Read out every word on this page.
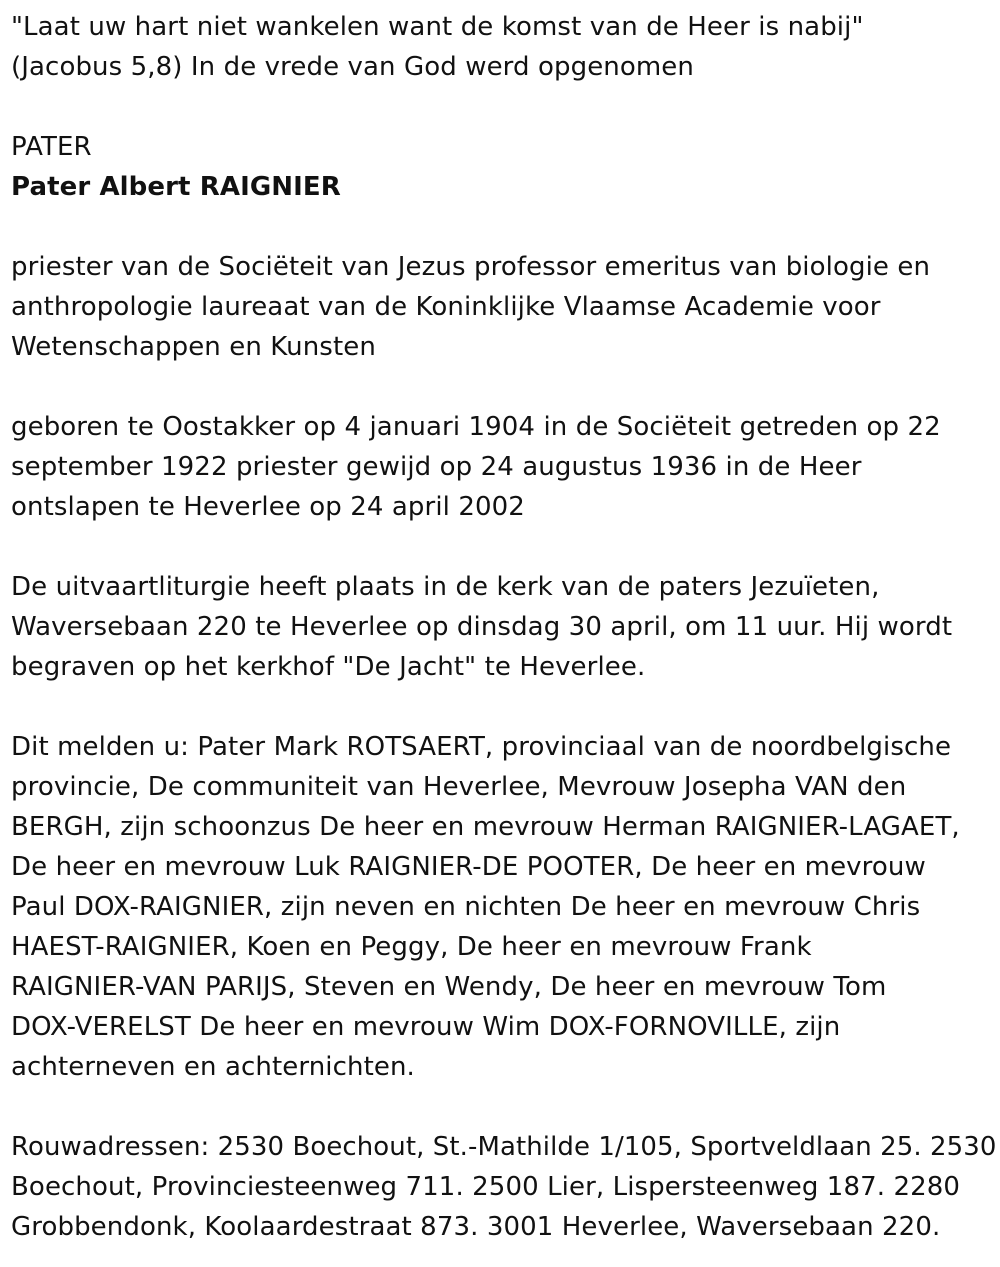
"Laat uw hart niet wankelen want de komst van de Heer is nabij"
(Jacobus 5,8) In de vrede van God werd opgenomen
PATER
Pater Albert RAIGNIER
priester van de Sociëteit van Jezus professor emeritus van biologie en
anthropologie laureaat van de Koninklijke Vlaamse Academie voor
Wetenschappen en Kunsten
geboren te Oostakker op 4 januari 1904 in de Sociëteit getreden op 22
september 1922 priester gewijd op 24 augustus 1936 in de Heer
ontslapen te Heverlee op 24 april 2002
De uitvaartliturgie heeft plaats in de kerk van de paters Jezuïeten,
Waversebaan 220 te Heverlee op dinsdag 30 april, om 11 uur. Hij wordt
begraven op het kerkhof "De Jacht" te Heverlee.
Dit melden u: Pater Mark ROTSAERT, provinciaal van de noordbelgische
provincie, De communiteit van Heverlee, Mevrouw Josepha VAN den
BERGH, zijn schoonzus De heer en mevrouw Herman RAIGNIER-LAGAET,
De heer en mevrouw Luk RAIGNIER-DE POOTER, De heer en mevrouw
Paul DOX-RAIGNIER, zijn neven en nichten De heer en mevrouw Chris
HAEST-RAIGNIER, Koen en Peggy, De heer en mevrouw Frank
RAIGNIER-VAN PARIJS, Steven en Wendy, De heer en mevrouw Tom
DOX-VERELST De heer en mevrouw Wim DOX-FORNOVILLE, zijn
achterneven en achternichten.
Rouwadressen: 2530 Boechout, St.-Mathilde 1/105, Sportveldlaan 25. 2530
Boechout, Provinciesteenweg 711. 2500 Lier, Lispersteenweg 187. 2280
Grobbendonk, Koolaardestraat 873. 3001 Heverlee, Waversebaan 220.
